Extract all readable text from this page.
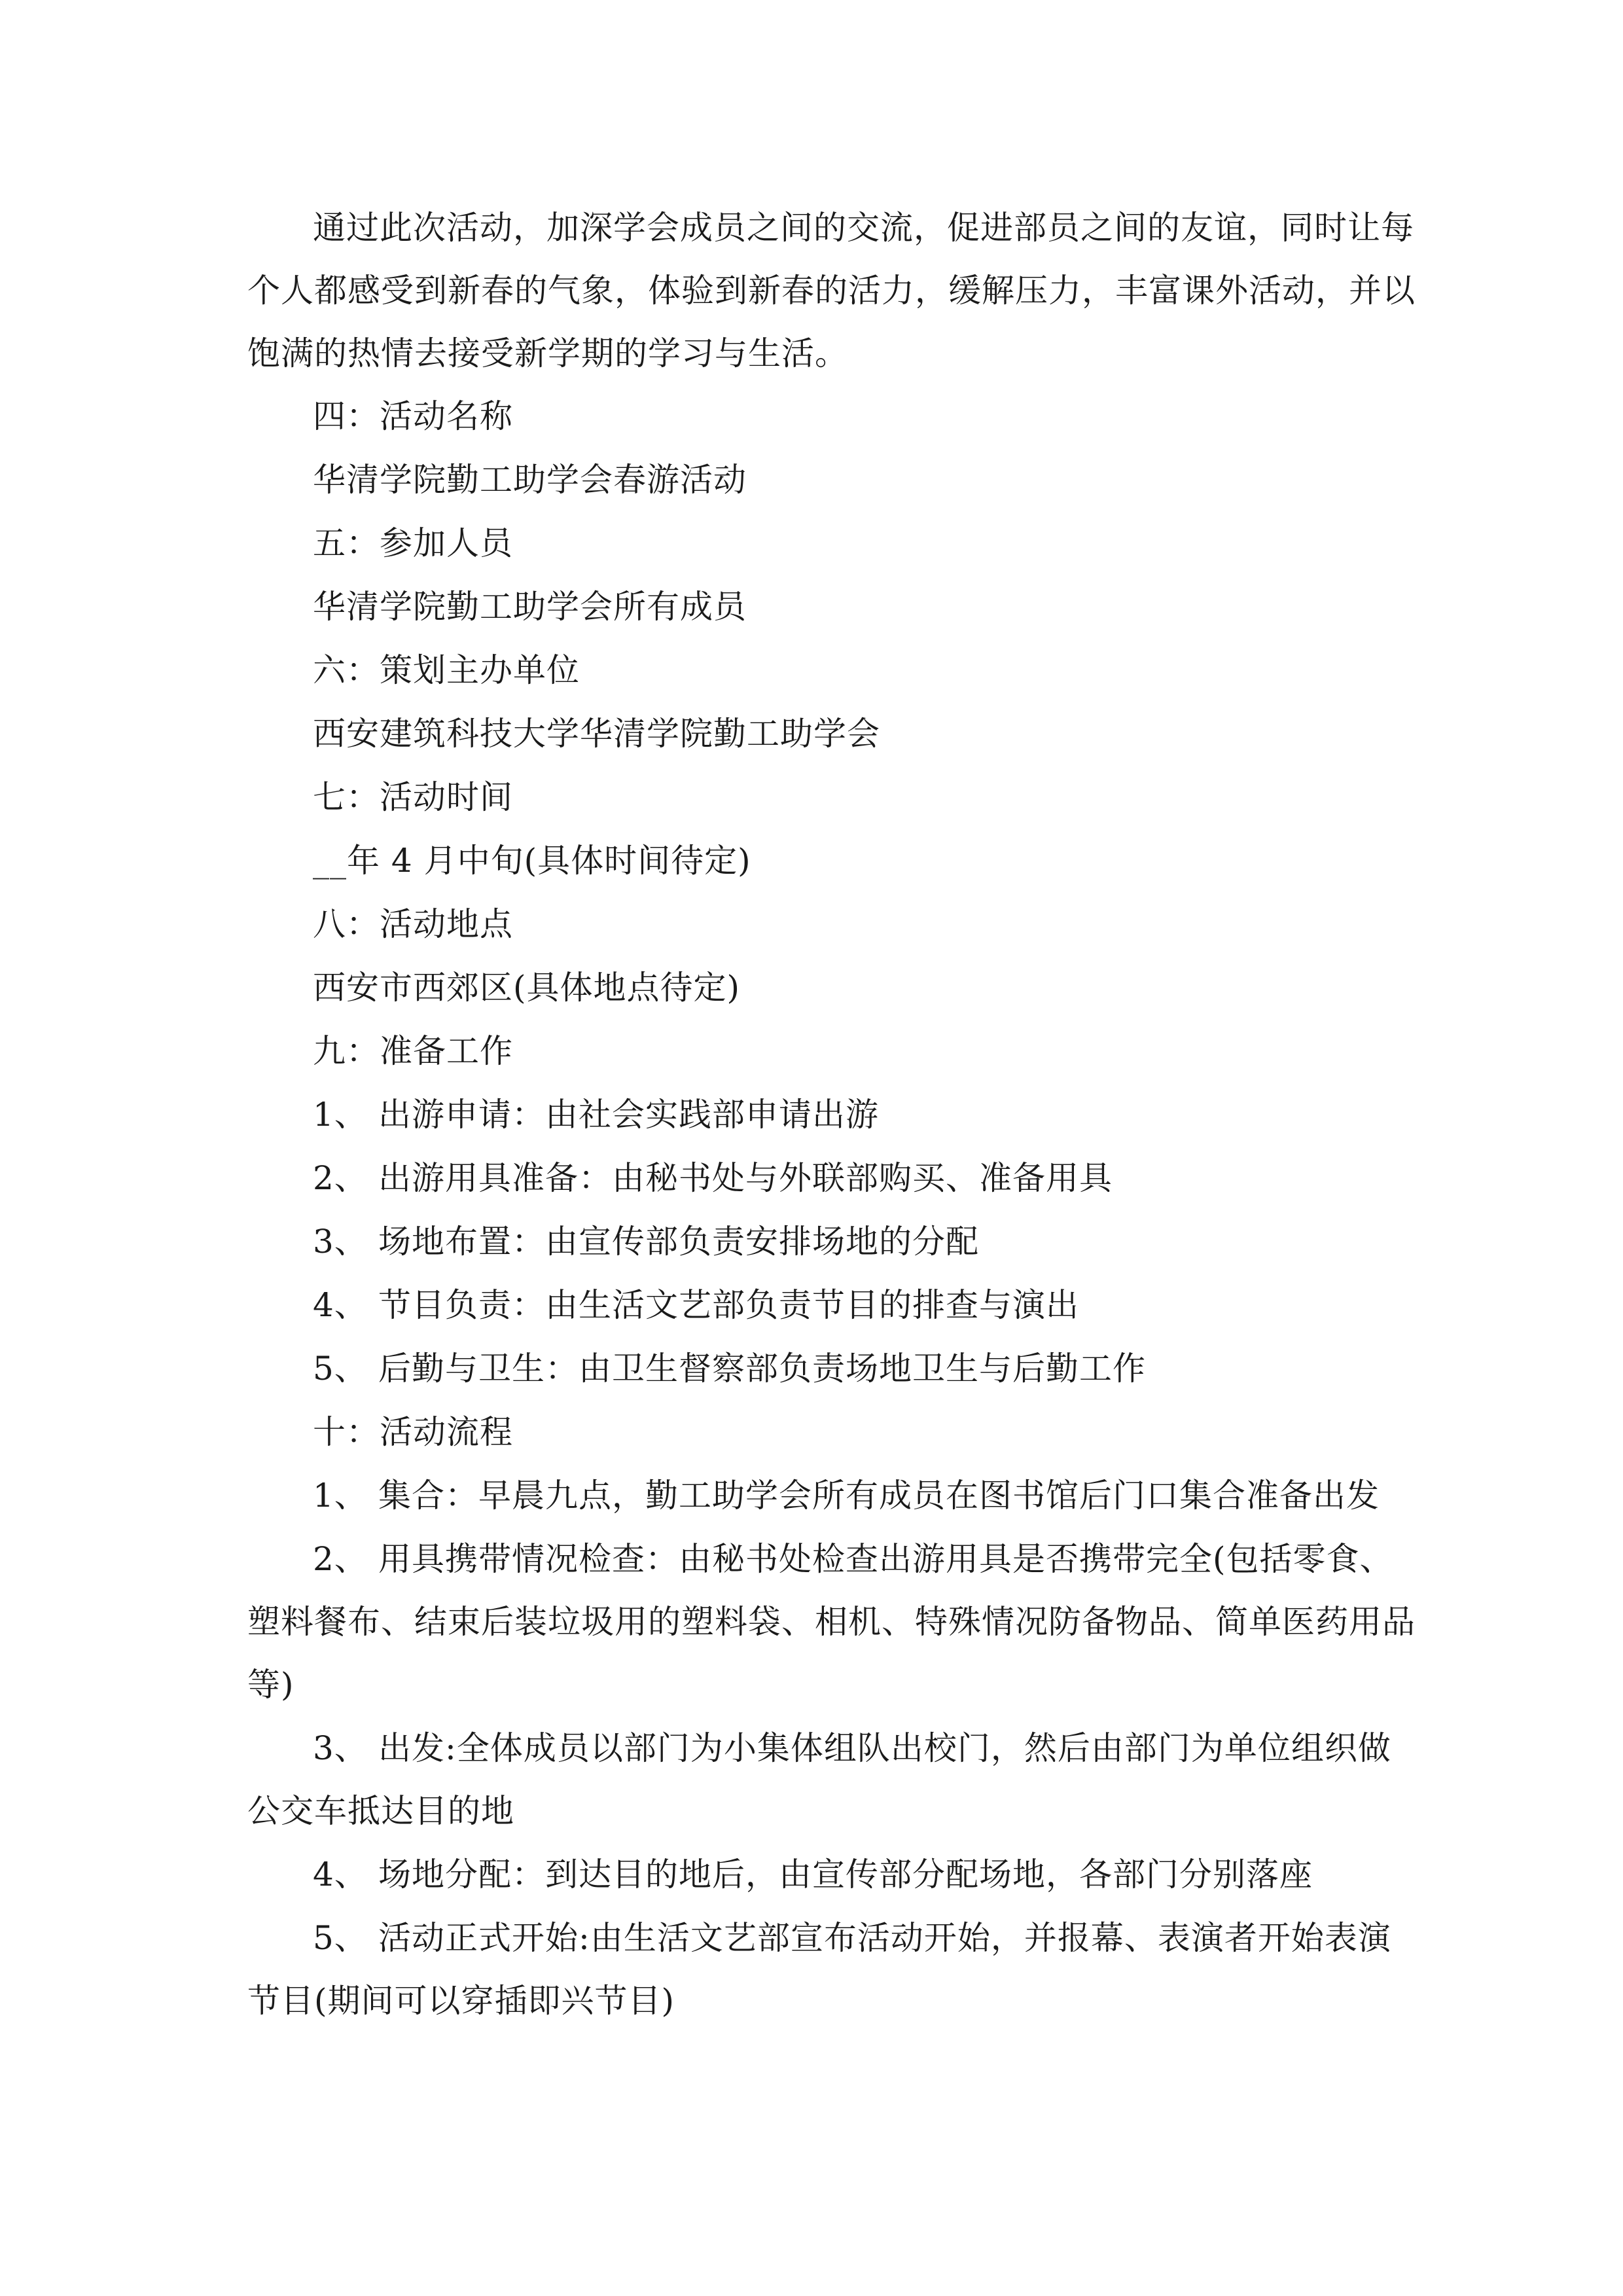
通过此次活动，加深学会成员之间的交流，促进部员之间的友谊，同时让每
个人都感受到新春的气象，体验到新春的活力，缓解压力，丰富课外活动，并以
饱满的热情去接受新学期的学习与生活。
四：活动名称
华清学院勤工助学会春游活动
五：参加人员
华清学院勤工助学会所有成员
六：策划主办单位
西安建筑科技大学华清学院勤工助学会
七：活动时间
__年 4 月中旬(具体时间待定)
八：活动地点
西安市西郊区(具体地点待定)
九：准备工作
1、 出游申请：由社会实践部申请出游
2、 出游用具准备：由秘书处与外联部购买、准备用具
3、 场地布置：由宣传部负责安排场地的分配
4、 节目负责：由生活文艺部负责节目的排查与演出
5、 后勤与卫生：由卫生督察部负责场地卫生与后勤工作
十：活动流程
1、 集合：早晨九点，勤工助学会所有成员在图书馆后门口集合准备出发
2、 用具携带情况检查：由秘书处检查出游用具是否携带完全(包括零食、
塑料餐布、结束后装垃圾用的塑料袋、相机、特殊情况防备物品、简单医药用品
等)
3、 出发:全体成员以部门为小集体组队出校门，然后由部门为单位组织做
公交车抵达目的地
4、 场地分配：到达目的地后，由宣传部分配场地，各部门分别落座
5、 活动正式开始:由生活文艺部宣布活动开始，并报幕、表演者开始表演
节目(期间可以穿插即兴节目)
